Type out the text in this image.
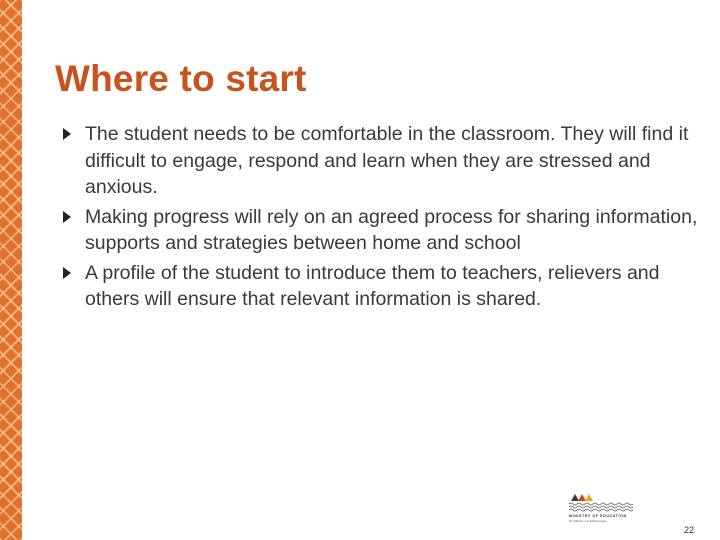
Where to start
The student needs to be comfortable in the classroom. They will find it difficult to engage, respond and learn when they are stressed and anxious.
Making progress will rely on an agreed process for sharing information, supports and strategies between home and school
A profile of the student to introduce them to teachers, relievers and others will ensure that relevant information is shared.
MINISTRY OF EDUCATION
Te Tāhuhu o te Mātauranga
22
